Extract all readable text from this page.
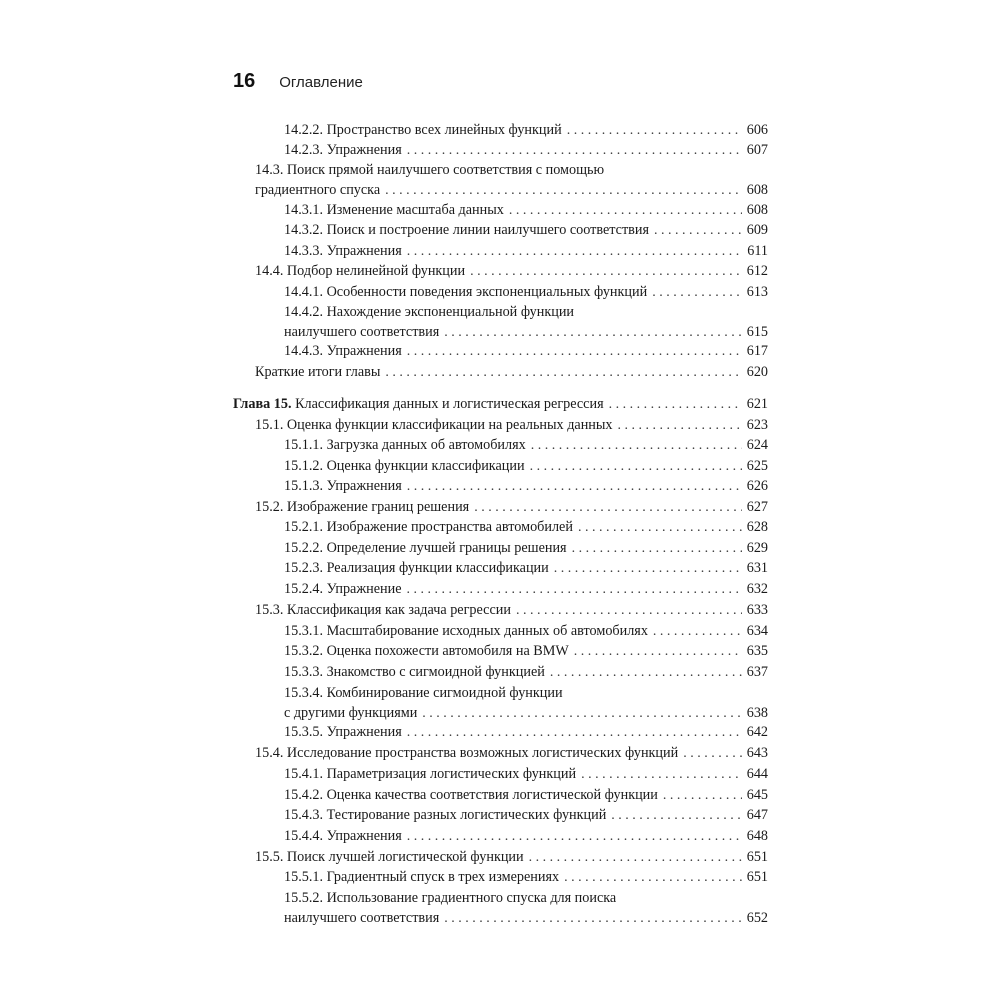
16 Оглавление
14.2.2. Пространство всех линейных функций . . .	606
14.2.3. Упражнения . . .	607
14.3. Поиск прямой наилучшего соответствия с помощью
градиентного спуска . . .	608
14.3.1. Изменение масштаба данных . . .	608
14.3.2. Поиск и построение линии наилучшего соответствия . . .	609
14.3.3. Упражнения . . .	611
14.4. Подбор нелинейной функции . . .	612
14.4.1. Особенности поведения экспоненциальных функций . . .	613
14.4.2. Нахождение экспоненциальной функции
наилучшего соответствия . . .	615
14.4.3. Упражнения . . .	617
Краткие итоги главы . . .	620
Глава 15. Классификация данных и логистическая регрессия . . .	621
15.1. Оценка функции классификации на реальных данных . . .	623
15.1.1. Загрузка данных об автомобилях . . .	624
15.1.2. Оценка функции классификации . . .	625
15.1.3. Упражнения . . .	626
15.2. Изображение границ решения . . .	627
15.2.1. Изображение пространства автомобилей . . .	628
15.2.2. Определение лучшей границы решения . . .	629
15.2.3. Реализация функции классификации . . .	631
15.2.4. Упражнение . . .	632
15.3. Классификация как задача регрессии . . .	633
15.3.1. Масштабирование исходных данных об автомобилях . . .	634
15.3.2. Оценка похожести автомобиля на BMW . . .	635
15.3.3. Знакомство с сигмоидной функцией . . .	637
15.3.4. Комбинирование сигмоидной функции
с другими функциями . . .	638
15.3.5. Упражнения . . .	642
15.4. Исследование пространства возможных логистических функций . . .	643
15.4.1. Параметризация логистических функций . . .	644
15.4.2. Оценка качества соответствия логистической функции . . .	645
15.4.3. Тестирование разных логистических функций . . .	647
15.4.4. Упражнения . . .	648
15.5. Поиск лучшей логистической функции . . .	651
15.5.1. Градиентный спуск в трех измерениях . . .	651
15.5.2. Использование градиентного спуска для поиска
наилучшего соответствия . . .	652
